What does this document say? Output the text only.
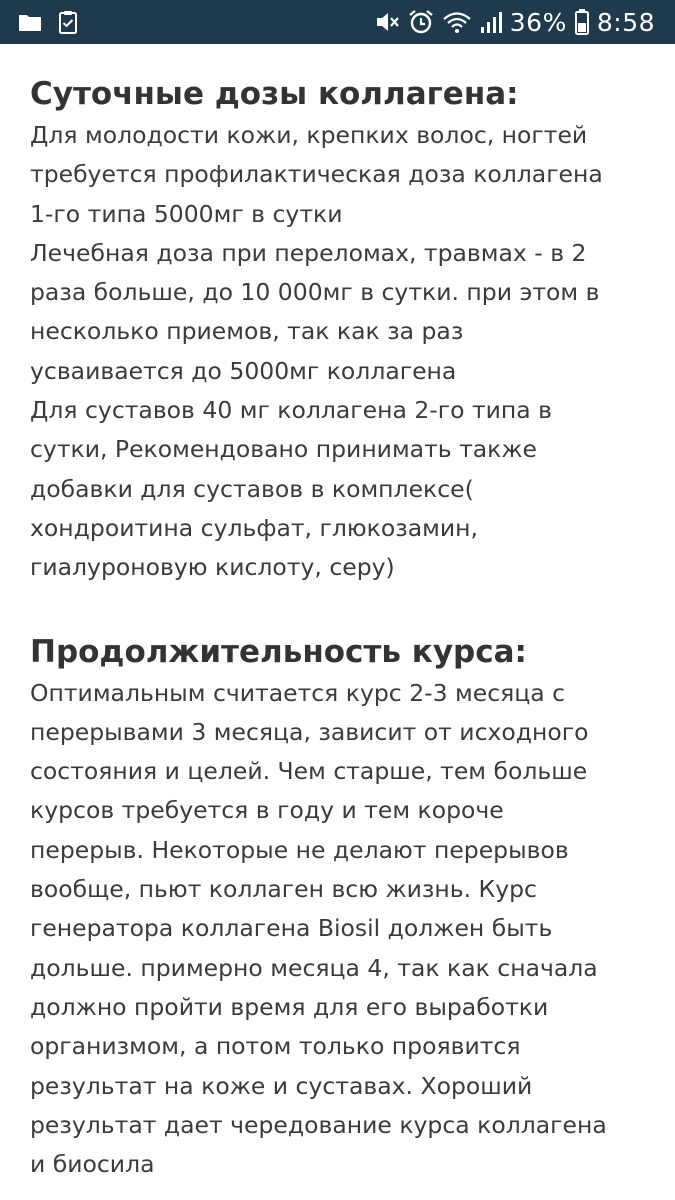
36% 8:58
Суточные дозы коллагена:
Для молодости кожи, крепких волос, ногтей
требуется профилактическая доза коллагена
1-го типа 5000мг в сутки
Лечебная доза при переломах, травмах - в 2
раза больше, до 10 000мг в сутки. при этом в
несколько приемов, так как за раз
усваивается до 5000мг коллагена
Для суставов 40 мг коллагена 2-го типа в
сутки, Рекомендовано принимать также
добавки для суставов в комплексе(
хондроитина сульфат, глюкозамин,
гиалуроновую кислоту, серу)
Продолжительность курса:
Оптимальным считается курс 2-3 месяца с
перерывами 3 месяца, зависит от исходного
состояния и целей. Чем старше, тем больше
курсов требуется в году и тем короче
перерыв. Некоторые не делают перерывов
вообще, пьют коллаген всю жизнь. Курс
генератора коллагена Biosil должен быть
дольше. примерно месяца 4, так как сначала
должно пройти время для его выработки
организмом, а потом только проявится
результат на коже и суставах. Хороший
результат дает чередование курса коллагена
и биосила
